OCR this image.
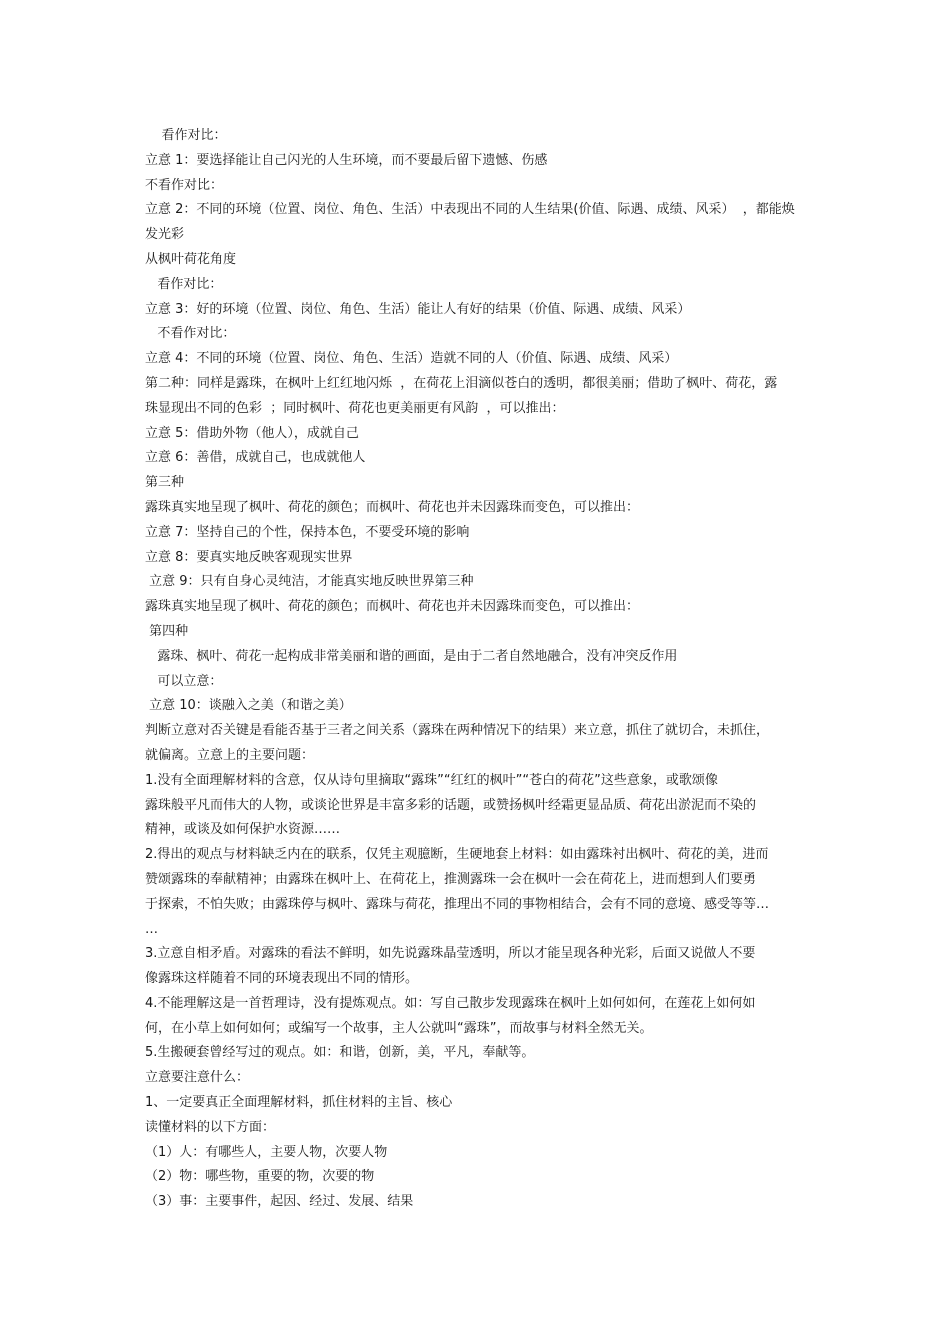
看作对比：

立意 1：要选择能让自己闪光的人生环境，而不要最后留下遗憾、伤感

不看作对比：

立意 2：不同的环境（位置、岗位、角色、生活）中表现出不同的人生结果(价值、际遇、成绩、风采）  ，都能焕

发光彩

从枫叶荷花角度

看作对比：

立意 3：好的环境（位置、岗位、角色、生活）能让人有好的结果（价值、际遇、成绩、风采）

不看作对比：

立意 4：不同的环境（位置、岗位、角色、生活）造就不同的人（价值、际遇、成绩、风采）

第二种：同样是露珠，在枫叶上红红地闪烁  ，在荷花上泪滴似苍白的透明，都很美丽；借助了枫叶、荷花，露

珠显现出不同的色彩  ；同时枫叶、荷花也更美丽更有风韵  ，可以推出：

立意 5：借助外物（他人），成就自己

立意 6：善借，成就自己，也成就他人

第三种

露珠真实地呈现了枫叶、荷花的颜色；而枫叶、荷花也并未因露珠而变色，可以推出：

立意 7：坚持自己的个性，保持本色，不要受环境的影响

立意 8：要真实地反映客观现实世界

立意 9：只有自身心灵纯洁，才能真实地反映世界第三种

露珠真实地呈现了枫叶、荷花的颜色；而枫叶、荷花也并未因露珠而变色，可以推出：

第四种

露珠、枫叶、荷花一起构成非常美丽和谐的画面，是由于二者自然地融合，没有冲突反作用

可以立意：

立意 10：谈融入之美（和谐之美）

判断立意对否关键是看能否基于三者之间关系（露珠在两种情况下的结果）来立意，抓住了就切合，未抓住，

就偏离。立意上的主要问题：

1.没有全面理解材料的含意，仅从诗句里摘取“露珠”“红红的枫叶”“苍白的荷花”这些意象，或歌颂像

露珠般平凡而伟大的人物，或谈论世界是丰富多彩的话题，或赞扬枫叶经霜更显品质、荷花出淤泥而不染的

精神，或谈及如何保护水资源……

2.得出的观点与材料缺乏内在的联系，仅凭主观臆断，生硬地套上材料：如由露珠衬出枫叶、荷花的美，进而

赞颂露珠的奉献精神；由露珠在枫叶上、在荷花上，推测露珠一会在枫叶一会在荷花上，进而想到人们要勇

于探索，不怕失败；由露珠停与枫叶、露珠与荷花，推理出不同的事物相结合，会有不同的意境、感受等等…

…

3.立意自相矛盾。对露珠的看法不鲜明，如先说露珠晶莹透明，所以才能呈现各种光彩，后面又说做人不要

像露珠这样随着不同的环境表现出不同的情形。

4.不能理解这是一首哲理诗，没有提炼观点。如：写自己散步发现露珠在枫叶上如何如何，在莲花上如何如

何，在小草上如何如何；或编写一个故事，主人公就叫“露珠”，而故事与材料全然无关。

5.生搬硬套曾经写过的观点。如：和谐，创新，美，平凡，奉献等。

立意要注意什么：

1、一定要真正全面理解材料，抓住材料的主旨、核心

读懂材料的以下方面：

（1）人：有哪些人，主要人物，次要人物

（2）物：哪些物，重要的物，次要的物

（3）事：主要事件，起因、经过、发展、结果
